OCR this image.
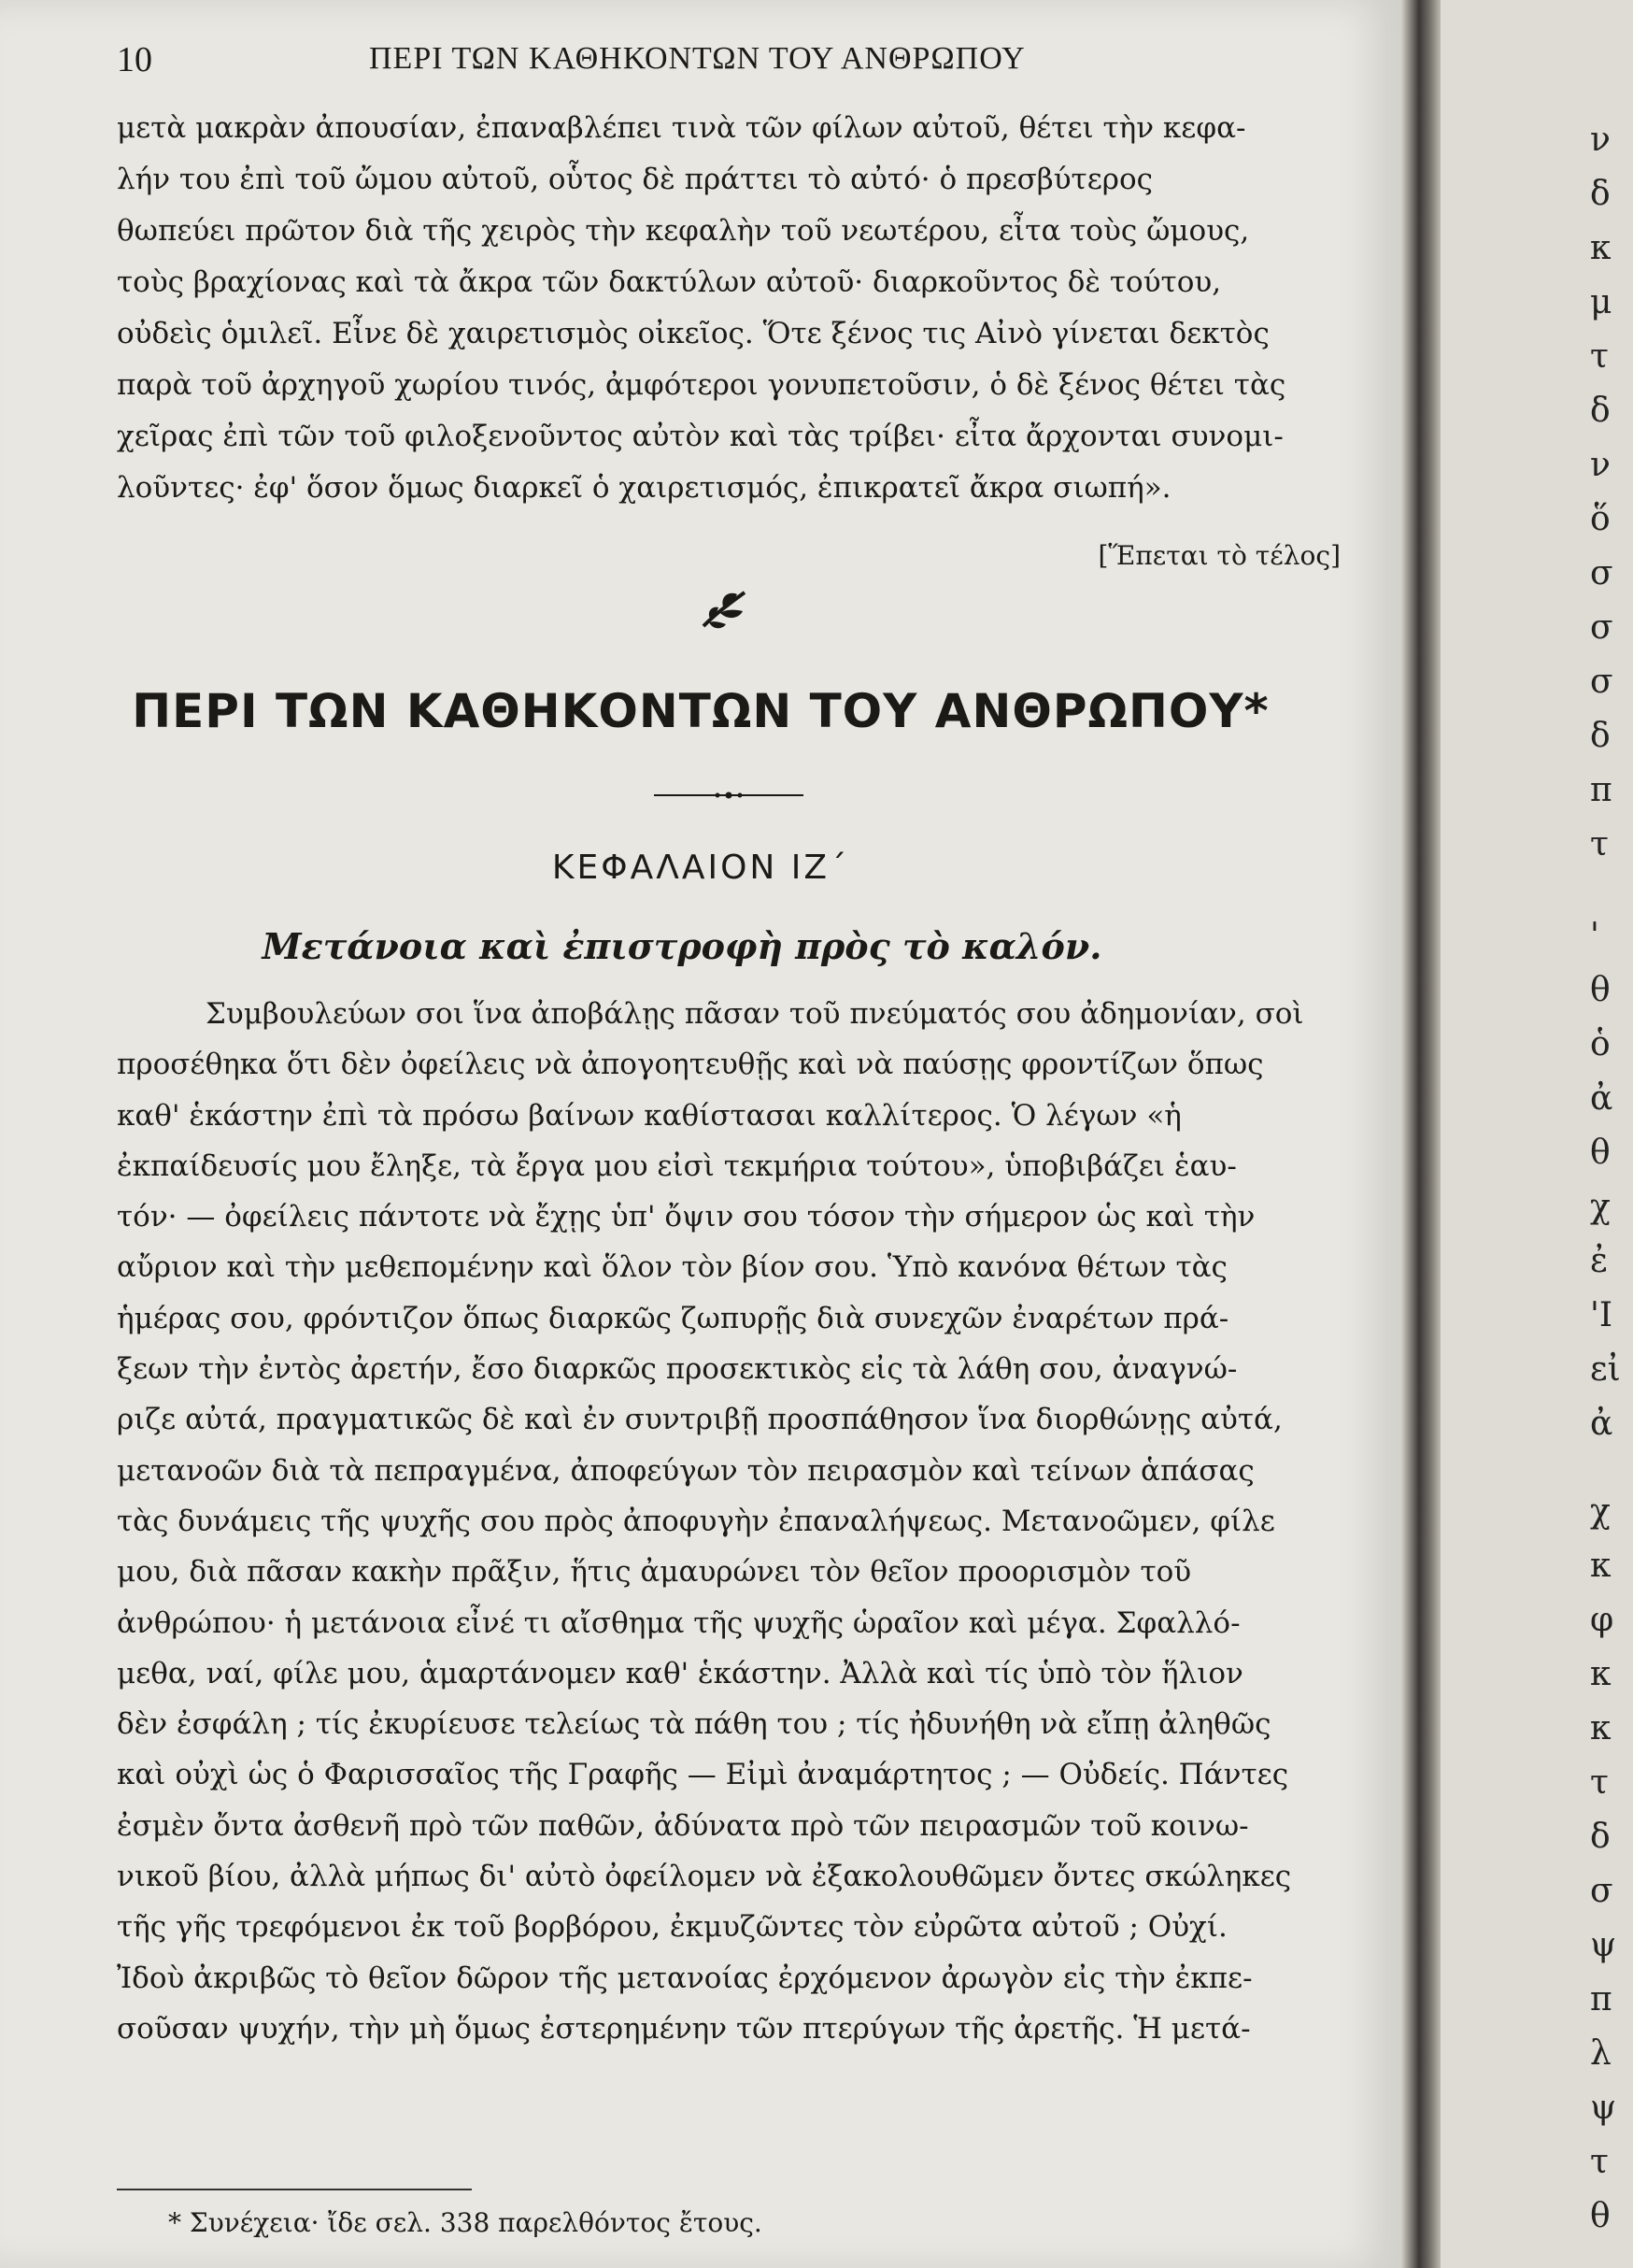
10	ΠΕΡΙ ΤΩΝ ΚΑΘΗΚΟΝΤΩΝ ΤΟΥ ΑΝΘΡΩΠΟΥ
μετὰ μακρὰν ἀπουσίαν, ἐπαναβλέπει τινὰ τῶν φίλων αὐτοῦ, θέτει τὴν κεφα-
λήν του ἐπὶ τοῦ ὤμου αὐτοῦ, οὗτος δὲ πράττει τὸ αὐτό· ὁ πρεσβύτερος
θωπεύει πρῶτον διὰ τῆς χειρὸς τὴν κεφαλὴν τοῦ νεωτέρου, εἶτα τοὺς ὤμους,
τοὺς βραχίονας καὶ τὰ ἄκρα τῶν δακτύλων αὐτοῦ· διαρκοῦντος δὲ τούτου,
οὐδεὶς ὁμιλεῖ. Εἶνε δὲ χαιρετισμὸς οἰκεῖος. Ὅτε ξένος τις Αἰνὸ γίνεται δεκτὸς
παρὰ τοῦ ἀρχηγοῦ χωρίου τινός, ἀμφότεροι γονυπετοῦσιν, ὁ δὲ ξένος θέτει τὰς
χεῖρας ἐπὶ τῶν τοῦ φιλοξενοῦντος αὐτὸν καὶ τὰς τρίβει· εἶτα ἄρχονται συνομι-
λοῦντες· ἐφ' ὅσον ὅμως διαρκεῖ ὁ χαιρετισμός, ἐπικρατεῖ ἄκρα σιωπή».
[Ἕπεται τὸ τέλος]
ΠΕΡΙ ΤΩΝ ΚΑΘΗΚΟΝΤΩΝ ΤΟΥ ΑΝΘΡΩΠΟΥ*
ΚΕΦΑΛΑΙΟΝ ΙΖ΄
Μετάνοια καὶ ἐπιστροφὴ πρὸς τὸ καλόν.
Συμβουλεύων σοι ἵνα ἀποβάλῃς πᾶσαν τοῦ πνεύματός σου ἀδημονίαν, σοὶ
προσέθηκα ὅτι δὲν ὀφείλεις νὰ ἀπογοητευθῇς καὶ νὰ παύσῃς φροντίζων ὅπως
καθ' ἑκάστην ἐπὶ τὰ πρόσω βαίνων καθίστασαι καλλίτερος. Ὁ λέγων «ἡ
ἐκπαίδευσίς μου ἔληξε, τὰ ἔργα μου εἰσὶ τεκμήρια τούτου», ὑποβιβάζει ἑαυ-
τόν· — ὀφείλεις πάντοτε νὰ ἔχῃς ὑπ' ὄψιν σου τόσον τὴν σήμερον ὡς καὶ τὴν
αὔριον καὶ τὴν μεθεπομένην καὶ ὅλον τὸν βίον σου. Ὑπὸ κανόνα θέτων τὰς
ἡμέρας σου, φρόντιζον ὅπως διαρκῶς ζωπυρῇς διὰ συνεχῶν ἐναρέτων πρά-
ξεων τὴν ἐντὸς ἀρετήν, ἔσο διαρκῶς προσεκτικὸς εἰς τὰ λάθη σου, ἀναγνώ-
ριζε αὐτά, πραγματικῶς δὲ καὶ ἐν συντριβῇ προσπάθησον ἵνα διορθώνῃς αὐτά,
μετανοῶν διὰ τὰ πεπραγμένα, ἀποφεύγων τὸν πειρασμὸν καὶ τείνων ἁπάσας
τὰς δυνάμεις τῆς ψυχῆς σου πρὸς ἀποφυγὴν ἐπαναλήψεως. Μετανοῶμεν, φίλε
μου, διὰ πᾶσαν κακὴν πρᾶξιν, ἥτις ἀμαυρώνει τὸν θεῖον προορισμὸν τοῦ
ἀνθρώπου· ἡ μετάνοια εἶνέ τι αἴσθημα τῆς ψυχῆς ὡραῖον καὶ μέγα. Σφαλλό-
μεθα, ναί, φίλε μου, ἁμαρτάνομεν καθ' ἑκάστην. Ἀλλὰ καὶ τίς ὑπὸ τὸν ἥλιον
δὲν ἐσφάλη ; τίς ἐκυρίευσε τελείως τὰ πάθη του ; τίς ἠδυνήθη νὰ εἴπῃ ἀληθῶς
καὶ οὐχὶ ὡς ὁ Φαρισσαῖος τῆς Γραφῆς — Εἰμὶ ἀναμάρτητος ; — Οὐδείς. Πάντες
ἐσμὲν ὄντα ἀσθενῆ πρὸ τῶν παθῶν, ἀδύνατα πρὸ τῶν πειρασμῶν τοῦ κοινω-
νικοῦ βίου, ἀλλὰ μήπως δι' αὐτὸ ὀφείλομεν νὰ ἐξακολουθῶμεν ὄντες σκώληκες
τῆς γῆς τρεφόμενοι ἐκ τοῦ βορβόρου, ἐκμυζῶντες τὸν εὐρῶτα αὐτοῦ ; Οὐχί.
Ἰδοὺ ἀκριβῶς τὸ θεῖον δῶρον τῆς μετανοίας ἐρχόμενον ἀρωγὸν εἰς τὴν ἐκπε-
σοῦσαν ψυχήν, τὴν μὴ ὅμως ἐστερημένην τῶν πτερύγων τῆς ἀρετῆς. Ἡ μετά-
* Συνέχεια· ἴδε σελ. 338 παρελθόντος ἔτους.
ν
δ
κ
μ
τ
δ
ν
ὅ
σ
σ
σ
δ
π
τ
'
θ
ὁ
ἀ
θ
χ
ἐ
'Ι
εἰ
ἀ
χ
κ
φ
κ
κ
τ
δ
σ
ψ
π
λ
ψ
τ
θ
